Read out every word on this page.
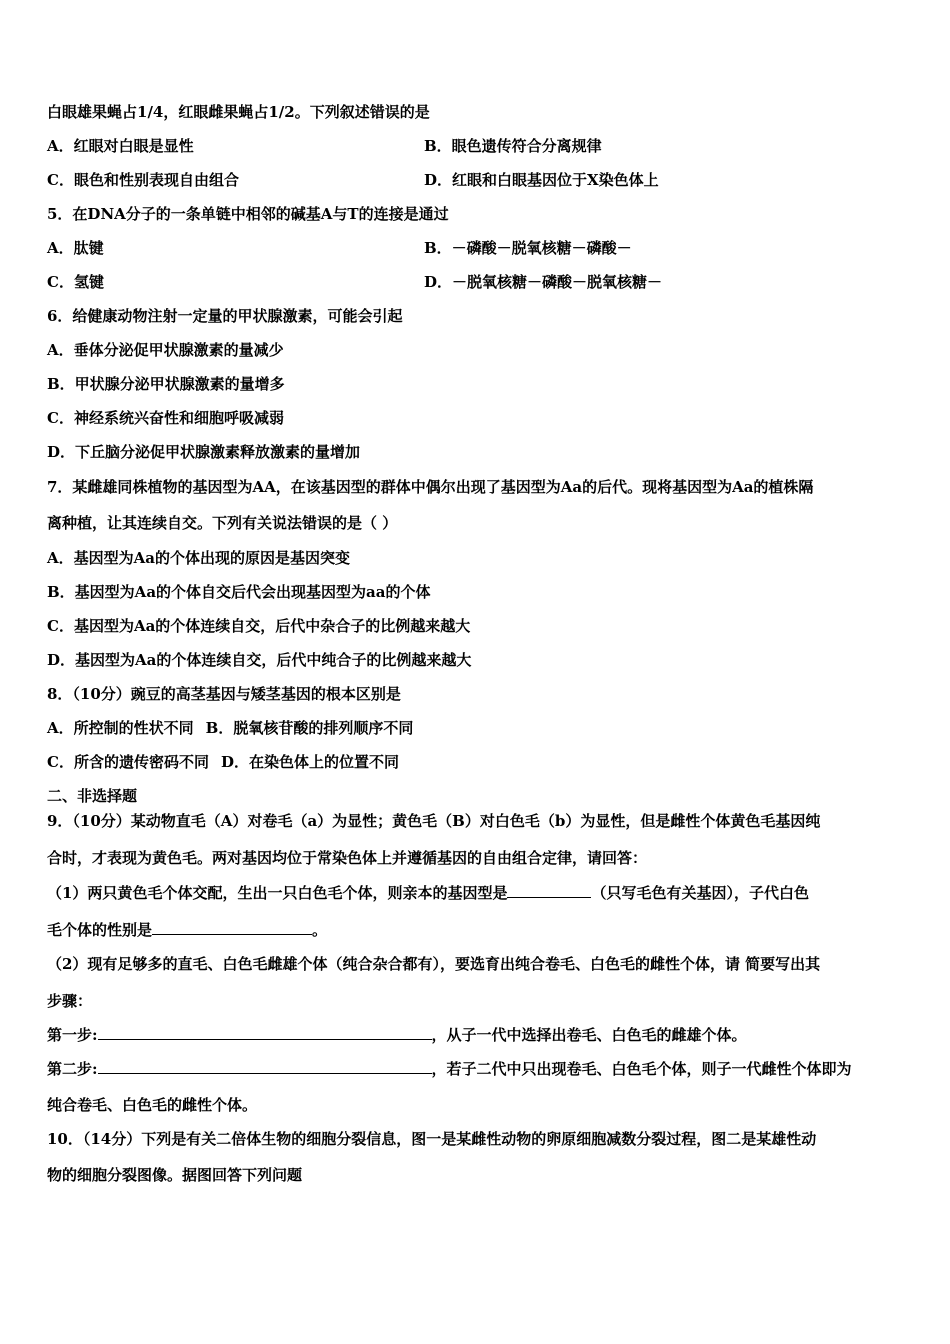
白眼雄果蝇占1/4，红眼雌果蝇占1/2。下列叙述错误的是
A．红眼对白眼是显性	B．眼色遗传符合分离规律
C．眼色和性别表现自由组合	D．红眼和白眼基因位于X染色体上
5．在DNA分子的一条单链中相邻的碱基A与T的连接是通过
A．肽键	B．－磷酸－脱氧核糖－磷酸－
C．氢键	D．－脱氧核糖－磷酸－脱氧核糖－
6．给健康动物注射一定量的甲状腺激素，可能会引起
A．垂体分泌促甲状腺激素的量减少
B．甲状腺分泌甲状腺激素的量增多
C．神经系统兴奋性和细胞呼吸减弱
D．下丘脑分泌促甲状腺激素释放激素的量增加
7．某雌雄同株植物的基因型为AA，在该基因型的群体中偶尔出现了基因型为Aa的后代。现将基因型为Aa的植株隔
离种植，让其连续自交。下列有关说法错误的是（ ）
A．基因型为Aa的个体出现的原因是基因突变
B．基因型为Aa的个体自交后代会出现基因型为aa的个体
C．基因型为Aa的个体连续自交，后代中杂合子的比例越来越大
D．基因型为Aa的个体连续自交，后代中纯合子的比例越来越大
8．（10分）豌豆的高茎基因与矮茎基因的根本区别是
A．所控制的性状不同 B．脱氧核苷酸的排列顺序不同
C．所含的遗传密码不同 D．在染色体上的位置不同
二、非选择题
9．（10分）某动物直毛（A）对卷毛（a）为显性；黄色毛（B）对白色毛（b）为显性，但是雌性个体黄色毛基因纯
合时，才表现为黄色毛。两对基因均位于常染色体上并遵循基因的自由组合定律，请回答：
（1）两只黄色毛个体交配，生出一只白色毛个体，则亲本的基因型是	（只写毛色有关基因），子代白色
毛个体的性别是	。
（2）现有足够多的直毛、白色毛雌雄个体（纯合杂合都有），要选育出纯合卷毛、白色毛的雌性个体，请 简要写出其
步骤：
第一步:	，从子一代中选择出卷毛、白色毛的雌雄个体。
第二步:	，若子二代中只出现卷毛、白色毛个体，则子一代雌性个体即为
纯合卷毛、白色毛的雌性个体。
10．（14分）下列是有关二倍体生物的细胞分裂信息，图一是某雌性动物的卵原细胞减数分裂过程，图二是某雄性动
物的细胞分裂图像。据图回答下列问题
